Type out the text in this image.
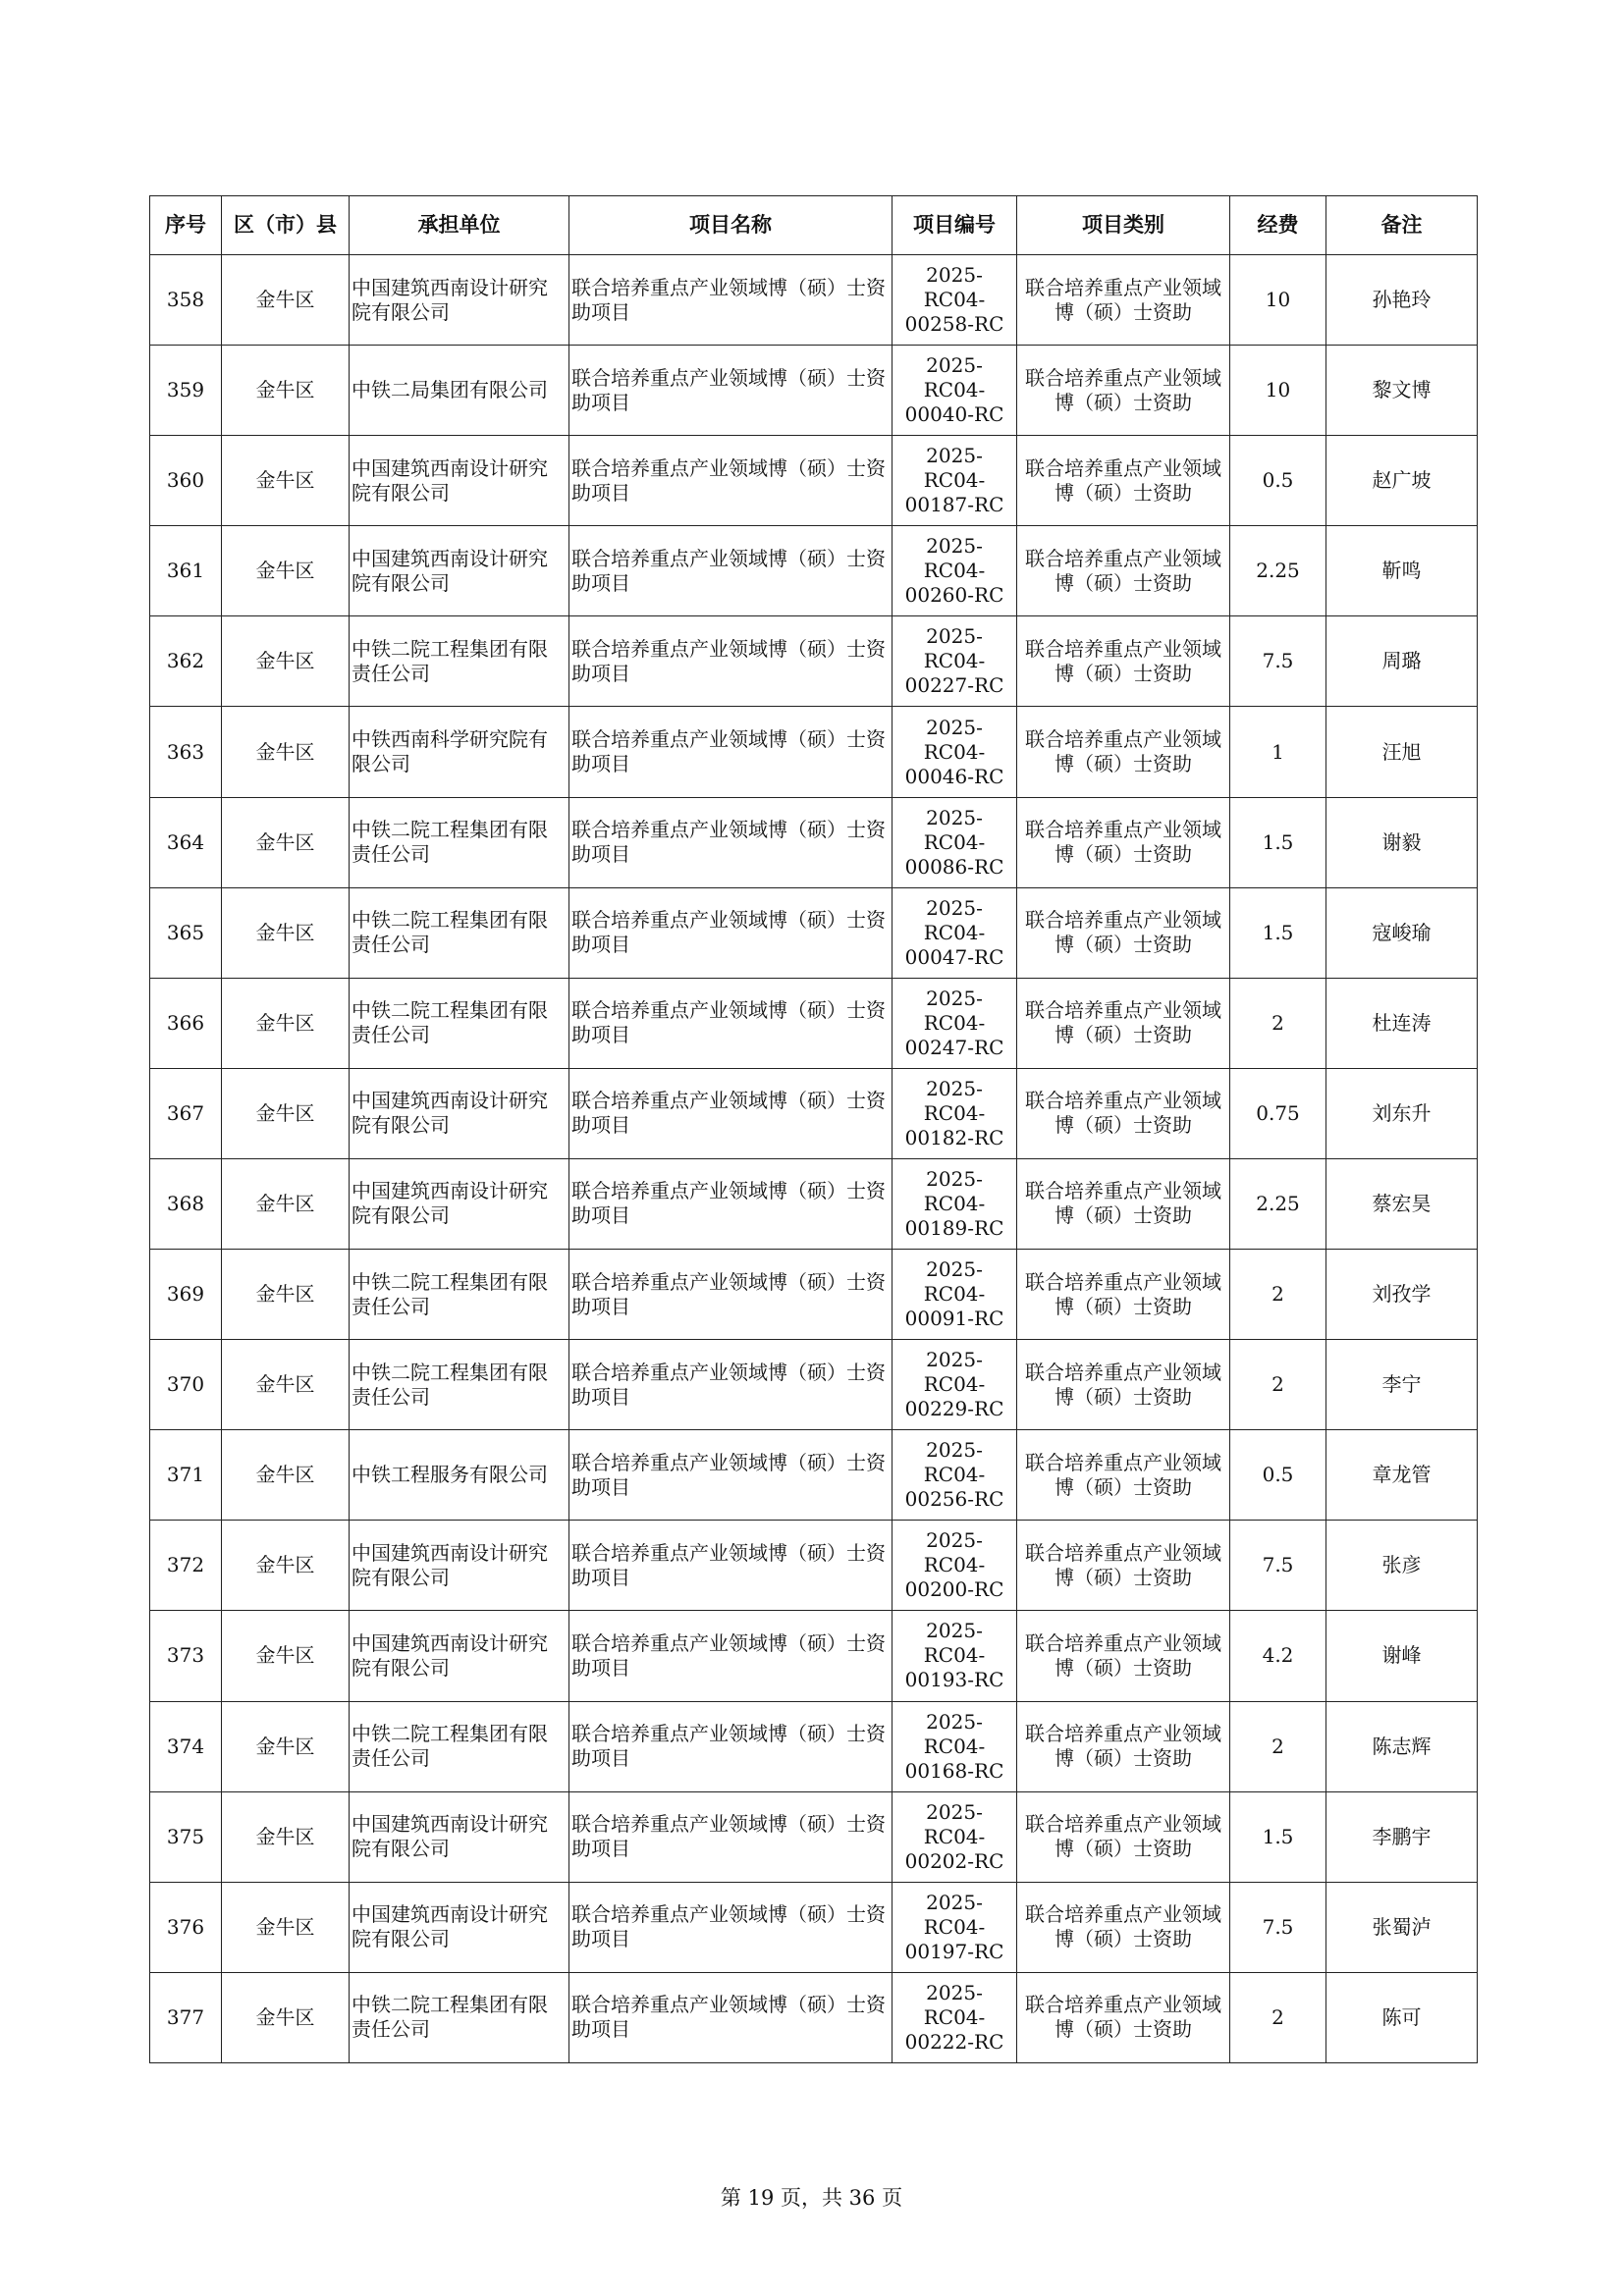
序号	区（市）县	承担单位	项目名称	项目编号	项目类别	经费	备注
358	金牛区	中国建筑西南设计研究院有限公司	联合培养重点产业领域博（硕）士资助项目	2025-RC04-00258-RC	联合培养重点产业领域博（硕）士资助	10	孙艳玲
359	金牛区	中铁二局集团有限公司	联合培养重点产业领域博（硕）士资助项目	2025-RC04-00040-RC	联合培养重点产业领域博（硕）士资助	10	黎文博
360	金牛区	中国建筑西南设计研究院有限公司	联合培养重点产业领域博（硕）士资助项目	2025-RC04-00187-RC	联合培养重点产业领域博（硕）士资助	0.5	赵广坡
361	金牛区	中国建筑西南设计研究院有限公司	联合培养重点产业领域博（硕）士资助项目	2025-RC04-00260-RC	联合培养重点产业领域博（硕）士资助	2.25	靳鸣
362	金牛区	中铁二院工程集团有限责任公司	联合培养重点产业领域博（硕）士资助项目	2025-RC04-00227-RC	联合培养重点产业领域博（硕）士资助	7.5	周璐
363	金牛区	中铁西南科学研究院有限公司	联合培养重点产业领域博（硕）士资助项目	2025-RC04-00046-RC	联合培养重点产业领域博（硕）士资助	1	汪旭
364	金牛区	中铁二院工程集团有限责任公司	联合培养重点产业领域博（硕）士资助项目	2025-RC04-00086-RC	联合培养重点产业领域博（硕）士资助	1.5	谢毅
365	金牛区	中铁二院工程集团有限责任公司	联合培养重点产业领域博（硕）士资助项目	2025-RC04-00047-RC	联合培养重点产业领域博（硕）士资助	1.5	寇峻瑜
366	金牛区	中铁二院工程集团有限责任公司	联合培养重点产业领域博（硕）士资助项目	2025-RC04-00247-RC	联合培养重点产业领域博（硕）士资助	2	杜连涛
367	金牛区	中国建筑西南设计研究院有限公司	联合培养重点产业领域博（硕）士资助项目	2025-RC04-00182-RC	联合培养重点产业领域博（硕）士资助	0.75	刘东升
368	金牛区	中国建筑西南设计研究院有限公司	联合培养重点产业领域博（硕）士资助项目	2025-RC04-00189-RC	联合培养重点产业领域博（硕）士资助	2.25	蔡宏昊
369	金牛区	中铁二院工程集团有限责任公司	联合培养重点产业领域博（硕）士资助项目	2025-RC04-00091-RC	联合培养重点产业领域博（硕）士资助	2	刘孜学
370	金牛区	中铁二院工程集团有限责任公司	联合培养重点产业领域博（硕）士资助项目	2025-RC04-00229-RC	联合培养重点产业领域博（硕）士资助	2	李宁
371	金牛区	中铁工程服务有限公司	联合培养重点产业领域博（硕）士资助项目	2025-RC04-00256-RC	联合培养重点产业领域博（硕）士资助	0.5	章龙管
372	金牛区	中国建筑西南设计研究院有限公司	联合培养重点产业领域博（硕）士资助项目	2025-RC04-00200-RC	联合培养重点产业领域博（硕）士资助	7.5	张彦
373	金牛区	中国建筑西南设计研究院有限公司	联合培养重点产业领域博（硕）士资助项目	2025-RC04-00193-RC	联合培养重点产业领域博（硕）士资助	4.2	谢峰
374	金牛区	中铁二院工程集团有限责任公司	联合培养重点产业领域博（硕）士资助项目	2025-RC04-00168-RC	联合培养重点产业领域博（硕）士资助	2	陈志辉
375	金牛区	中国建筑西南设计研究院有限公司	联合培养重点产业领域博（硕）士资助项目	2025-RC04-00202-RC	联合培养重点产业领域博（硕）士资助	1.5	李鹏宇
376	金牛区	中国建筑西南设计研究院有限公司	联合培养重点产业领域博（硕）士资助项目	2025-RC04-00197-RC	联合培养重点产业领域博（硕）士资助	7.5	张蜀泸
377	金牛区	中铁二院工程集团有限责任公司	联合培养重点产业领域博（硕）士资助项目	2025-RC04-00222-RC	联合培养重点产业领域博（硕）士资助	2	陈可
第 19 页，共 36 页
